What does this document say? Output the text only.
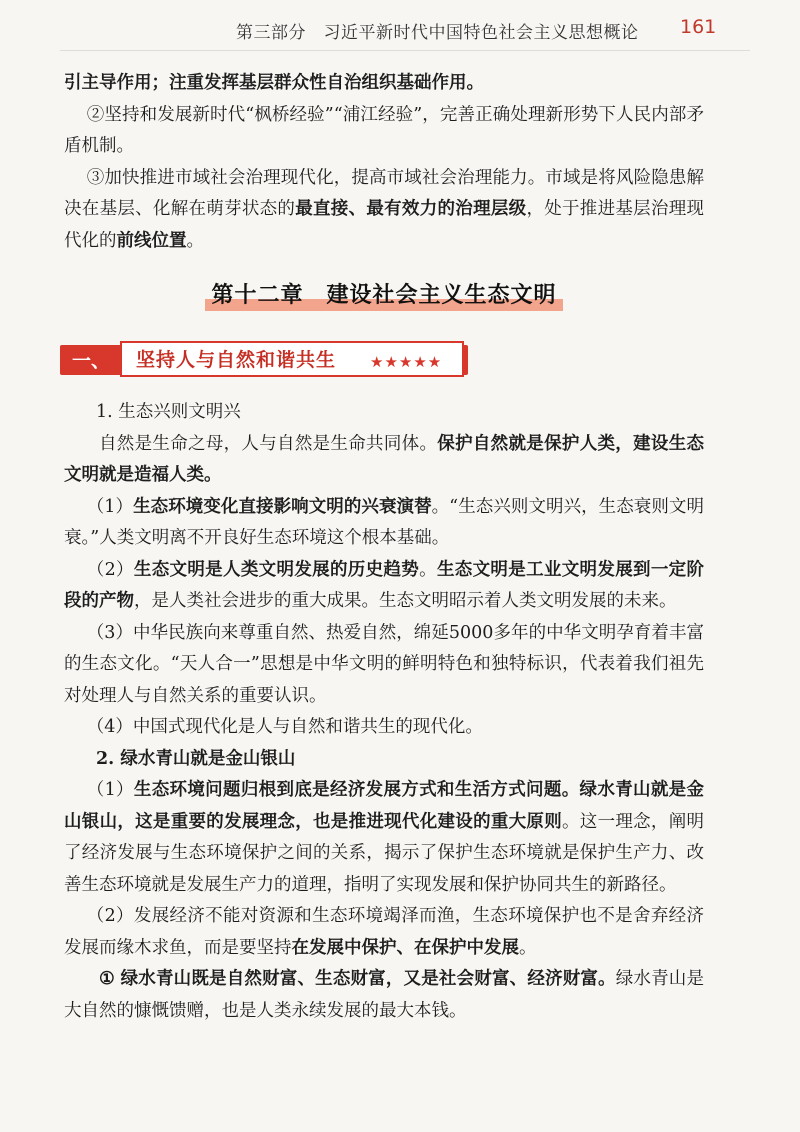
第三部分　习近平新时代中国特色社会主义思想概论 161

引主导作用；注重发挥基层群众性自治组织基础作用。

②坚持和发展新时代“枫桥经验”“浦江经验”，完善正确处理新形势下人民内部矛盾机制。

③加快推进市域社会治理现代化，提高市域社会治理能力。市域是将风险隐患解决在基层、化解在萌芽状态的最直接、最有效力的治理层级，处于推进基层治理现代化的前线位置。

第十二章　建设社会主义生态文明
一、 坚持人与自然和谐共生 ★★★★★

1. 生态兴则文明兴

自然是生命之母，人与自然是生命共同体。保护自然就是保护人类，建设生态文明就是造福人类。

（1）生态环境变化直接影响文明的兴衰演替。“生态兴则文明兴，生态衰则文明衰。”人类文明离不开良好生态环境这个根本基础。

（2）生态文明是人类文明发展的历史趋势。生态文明是工业文明发展到一定阶段的产物，是人类社会进步的重大成果。生态文明昭示着人类文明发展的未来。

（3）中华民族向来尊重自然、热爱自然，绵延5000多年的中华文明孕育着丰富的生态文化。“天人合一”思想是中华文明的鲜明特色和独特标识，代表着我们祖先对处理人与自然关系的重要认识。

（4）中国式现代化是人与自然和谐共生的现代化。

2. 绿水青山就是金山银山

（1）生态环境问题归根到底是经济发展方式和生活方式问题。绿水青山就是金山银山，这是重要的发展理念，也是推进现代化建设的重大原则。这一理念，阐明了经济发展与生态环境保护之间的关系，揭示了保护生态环境就是保护生产力、改善生态环境就是发展生产力的道理，指明了实现发展和保护协同共生的新路径。

（2）发展经济不能对资源和生态环境竭泽而渔，生态环境保护也不是舍弃经济发展而缘木求鱼，而是要坚持在发展中保护、在保护中发展。

① 绿水青山既是自然财富、生态财富，又是社会财富、经济财富。绿水青山是大自然的慷慨馈赠，也是人类永续发展的最大本钱。
